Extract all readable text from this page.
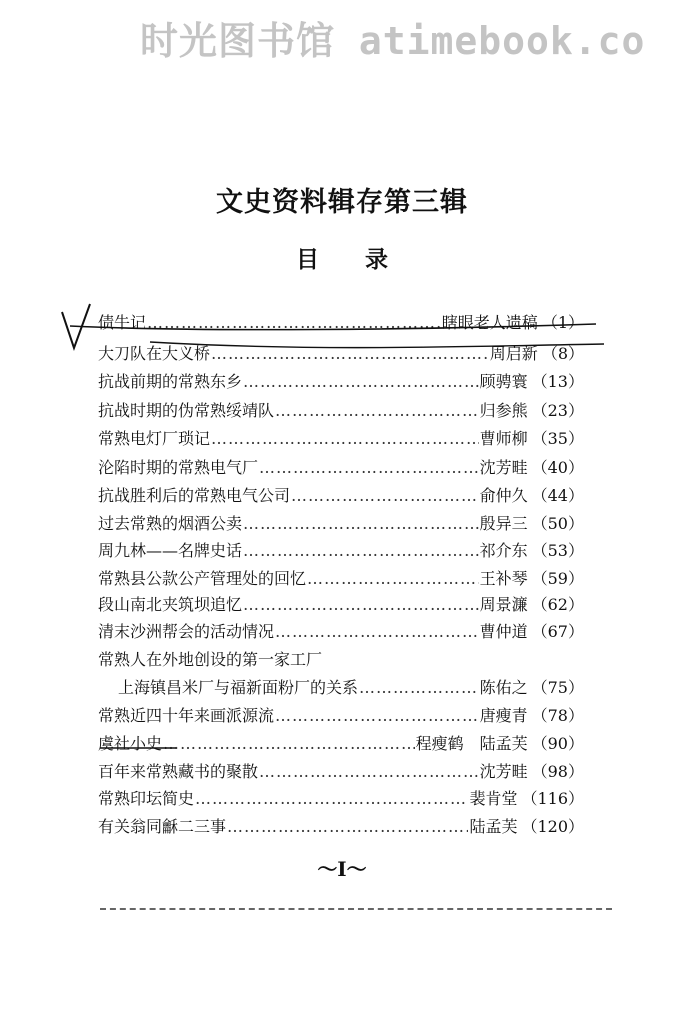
时光图书馆 atimebook.co
文史资料辑存第三辑
目录
债牛记 ……………………………………………………………………………………………………………………………………	瞎眼老人遗稿 （1）
大刀队在大义桥 ……………………………………………………………………………………………………………………………………	周启新 （8）
抗战前期的常熟东乡 ……………………………………………………………………………………………………………………………………	顾骋寰 （13）
抗战时期的伪常熟绥靖队 ……………………………………………………………………………………………………………………………………	归参熊 （23）
常熟电灯厂琐记 ……………………………………………………………………………………………………………………………………	曹师柳 （35）
沦陷时期的常熟电气厂 ……………………………………………………………………………………………………………………………………	沈芳畦 （40）
抗战胜利后的常熟电气公司 ……………………………………………………………………………………………………………………………………	俞仲久 （44）
过去常熟的烟酒公卖 ……………………………………………………………………………………………………………………………………	殷异三 （50）
周九林——名牌史话 ……………………………………………………………………………………………………………………………………	祁介东 （53）
常熟县公款公产管理处的回忆 ……………………………………………………………………………………………………………………………………	王补琴 （59）
段山南北夹筑坝追忆 ……………………………………………………………………………………………………………………………………	周景濂 （62）
清末沙洲帮会的活动情况 ……………………………………………………………………………………………………………………………………	曹仲道 （67）
常熟人在外地创设的第一家工厂
上海镇昌米厂与福新面粉厂的关系 ……………………………………………………………………………………………………………………………………	陈佑之 （75）
常熟近四十年来画派源流 ……………………………………………………………………………………………………………………………………	唐瘦青 （78）
虞社小史 ……………………………………………………………………………………………………………………………………	程瘦鹤　陆孟芙 （90）
百年来常熟藏书的聚散 ……………………………………………………………………………………………………………………………………	沈芳畦 （98）
常熟印坛简史 ……………………………………………………………………………………………………………………………………	裴肯堂 （116）
有关翁同龢二三事 ……………………………………………………………………………………………………………………………………	陆孟芙 （120）
～I～
